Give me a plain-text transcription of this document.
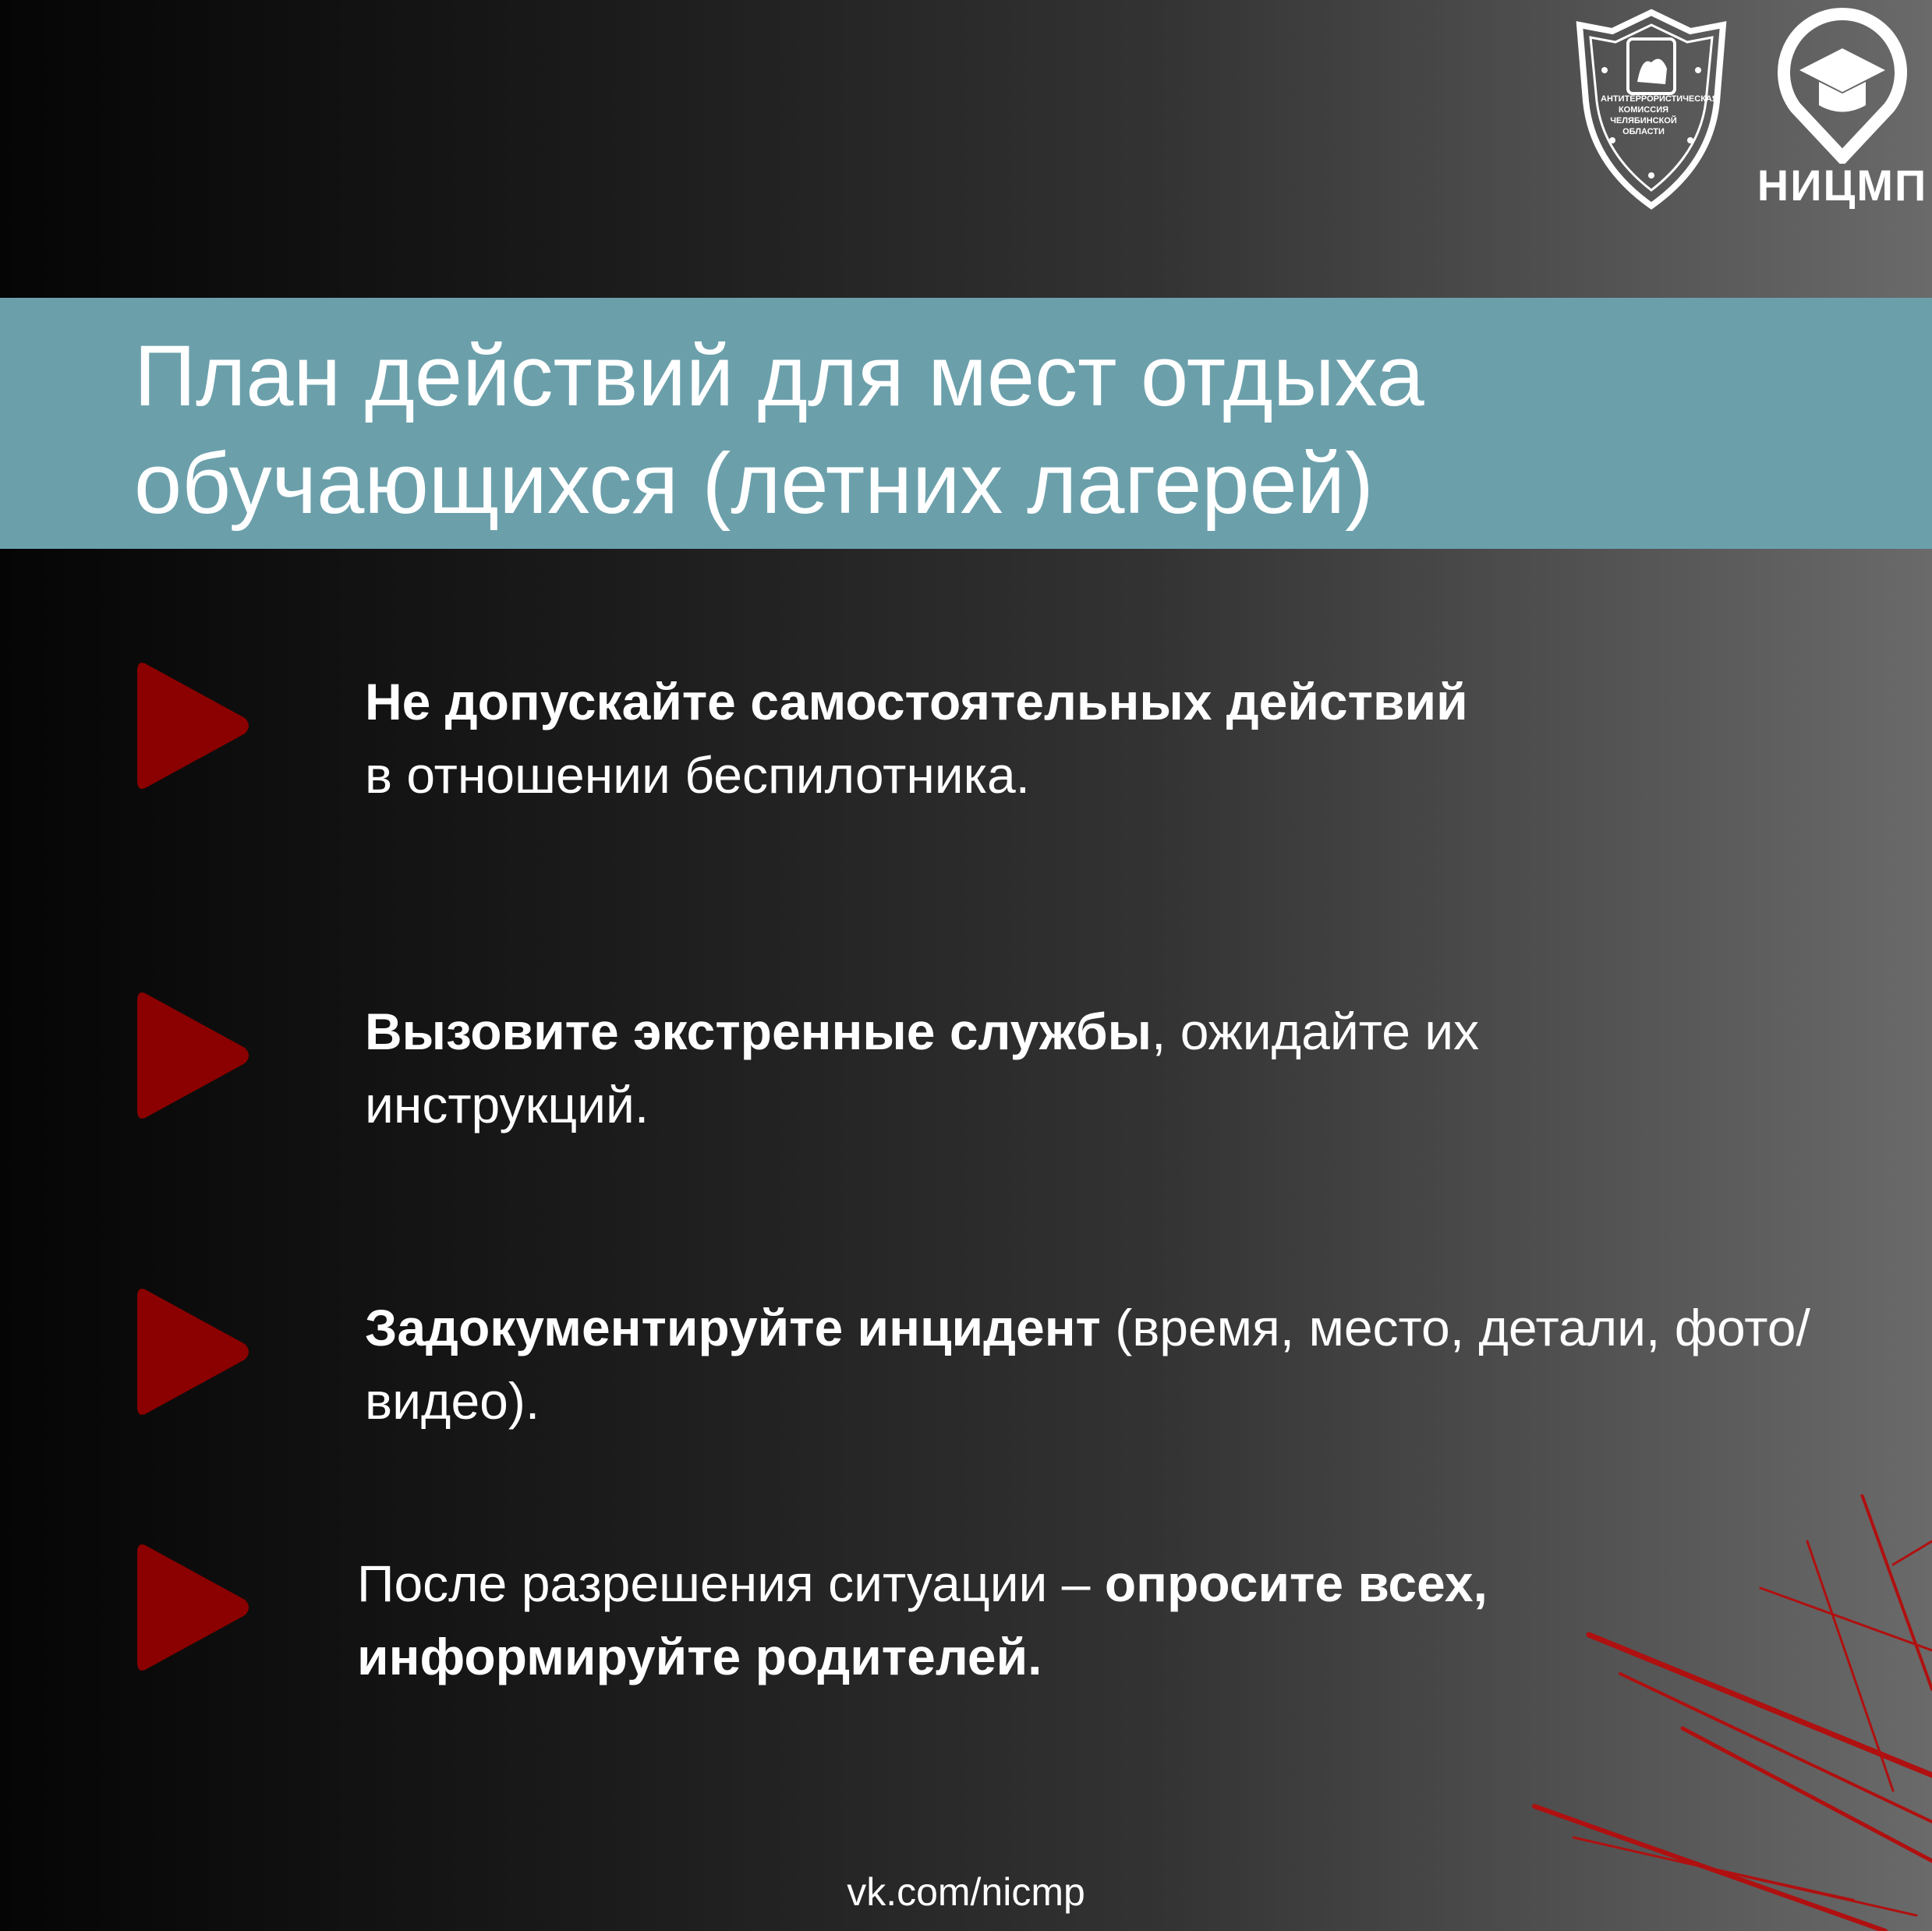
АНТИТЕРРОРИСТИЧЕСКАЯ КОМИССИЯ ЧЕЛЯБИНСКОЙ ОБЛАСТИ
НИЦМП
План действий для мест отдыха
обучающихся (летних лагерей)
Не допускайте самостоятельных действий
в отношении беспилотника.
Вызовите экстренные службы, ожидайте их инструкций.
Задокументируйте инцидент (время, место, детали, фото/видео).
После разрешения ситуации – опросите всех, информируйте родителей.
vk.com/nicmp
